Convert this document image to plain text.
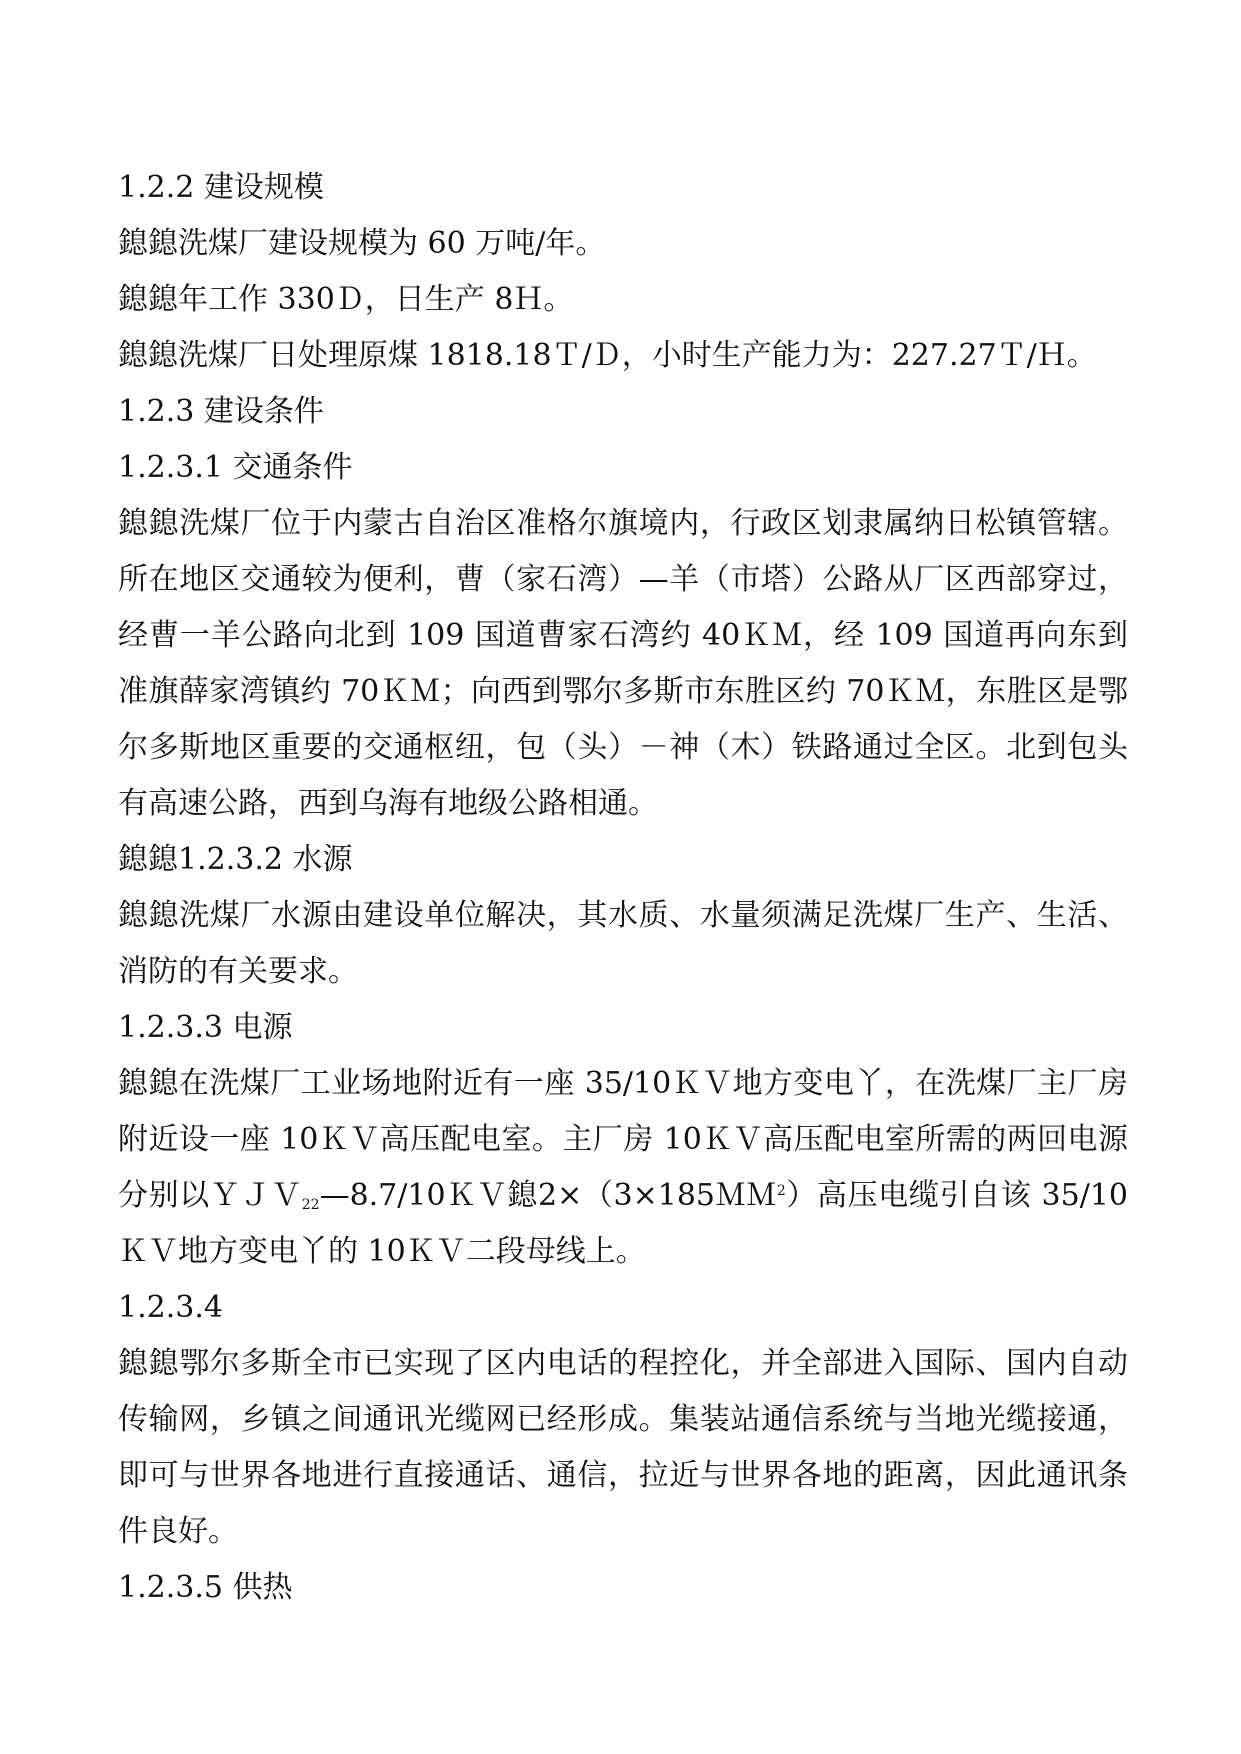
1.2.2 建设规模
鎴鎴洗煤厂建设规模为 60 万吨/年。
鎴鎴年工作 330Ｄ，日生产 8Ｈ。
鎴鎴洗煤厂日处理原煤 1818.18Ｔ/Ｄ，小时生产能力为：227.27Ｔ/Ｈ。
1.2.3 建设条件
1.2.3.1 交通条件
鎴鎴洗煤厂位于内蒙古自治区准格尔旗境内，行政区划隶属纳日松镇管辖。所在地区交通较为便利，曹（家石湾）—羊（市塔）公路从厂区西部穿过，经曹一羊公路向北到 109 国道曹家石湾约 40ＫＭ，经 109 国道再向东到准旗薛家湾镇约 70ＫＭ；向西到鄂尔多斯市东胜区约 70ＫＭ，东胜区是鄂尔多斯地区重要的交通枢纽，包（头）－神（木）铁路通过全区。北到包头有高速公路，西到乌海有地级公路相通。
鎴鎴1.2.3.2 水源
鎴鎴洗煤厂水源由建设单位解决，其水质、水量须满足洗煤厂生产、生活、消防的有关要求。
1.2.3.3 电源
鎴鎴在洗煤厂工业场地附近有一座 35/10ＫＶ地方变电丫，在洗煤厂主厂房附近设一座 10ＫＶ高压配电室。主厂房 10ＫＶ高压配电室所需的两回电源分别以ＹＪＶ$_{22}$—8.7/10ＫＶ鎴2×（3×185ＭＭ$^2$）高压电缆引自该 35/10ＫＶ地方变电丫的 10ＫＶ二段母线上。
1.2.3.4
鎴鎴鄂尔多斯全市已实现了区内电话的程控化，并全部进入国际、国内自动传输网，乡镇之间通讯光缆网已经形成。集装站通信系统与当地光缆接通，即可与世界各地进行直接通话、通信，拉近与世界各地的距离，因此通讯条件良好。
1.2.3.5 供热
